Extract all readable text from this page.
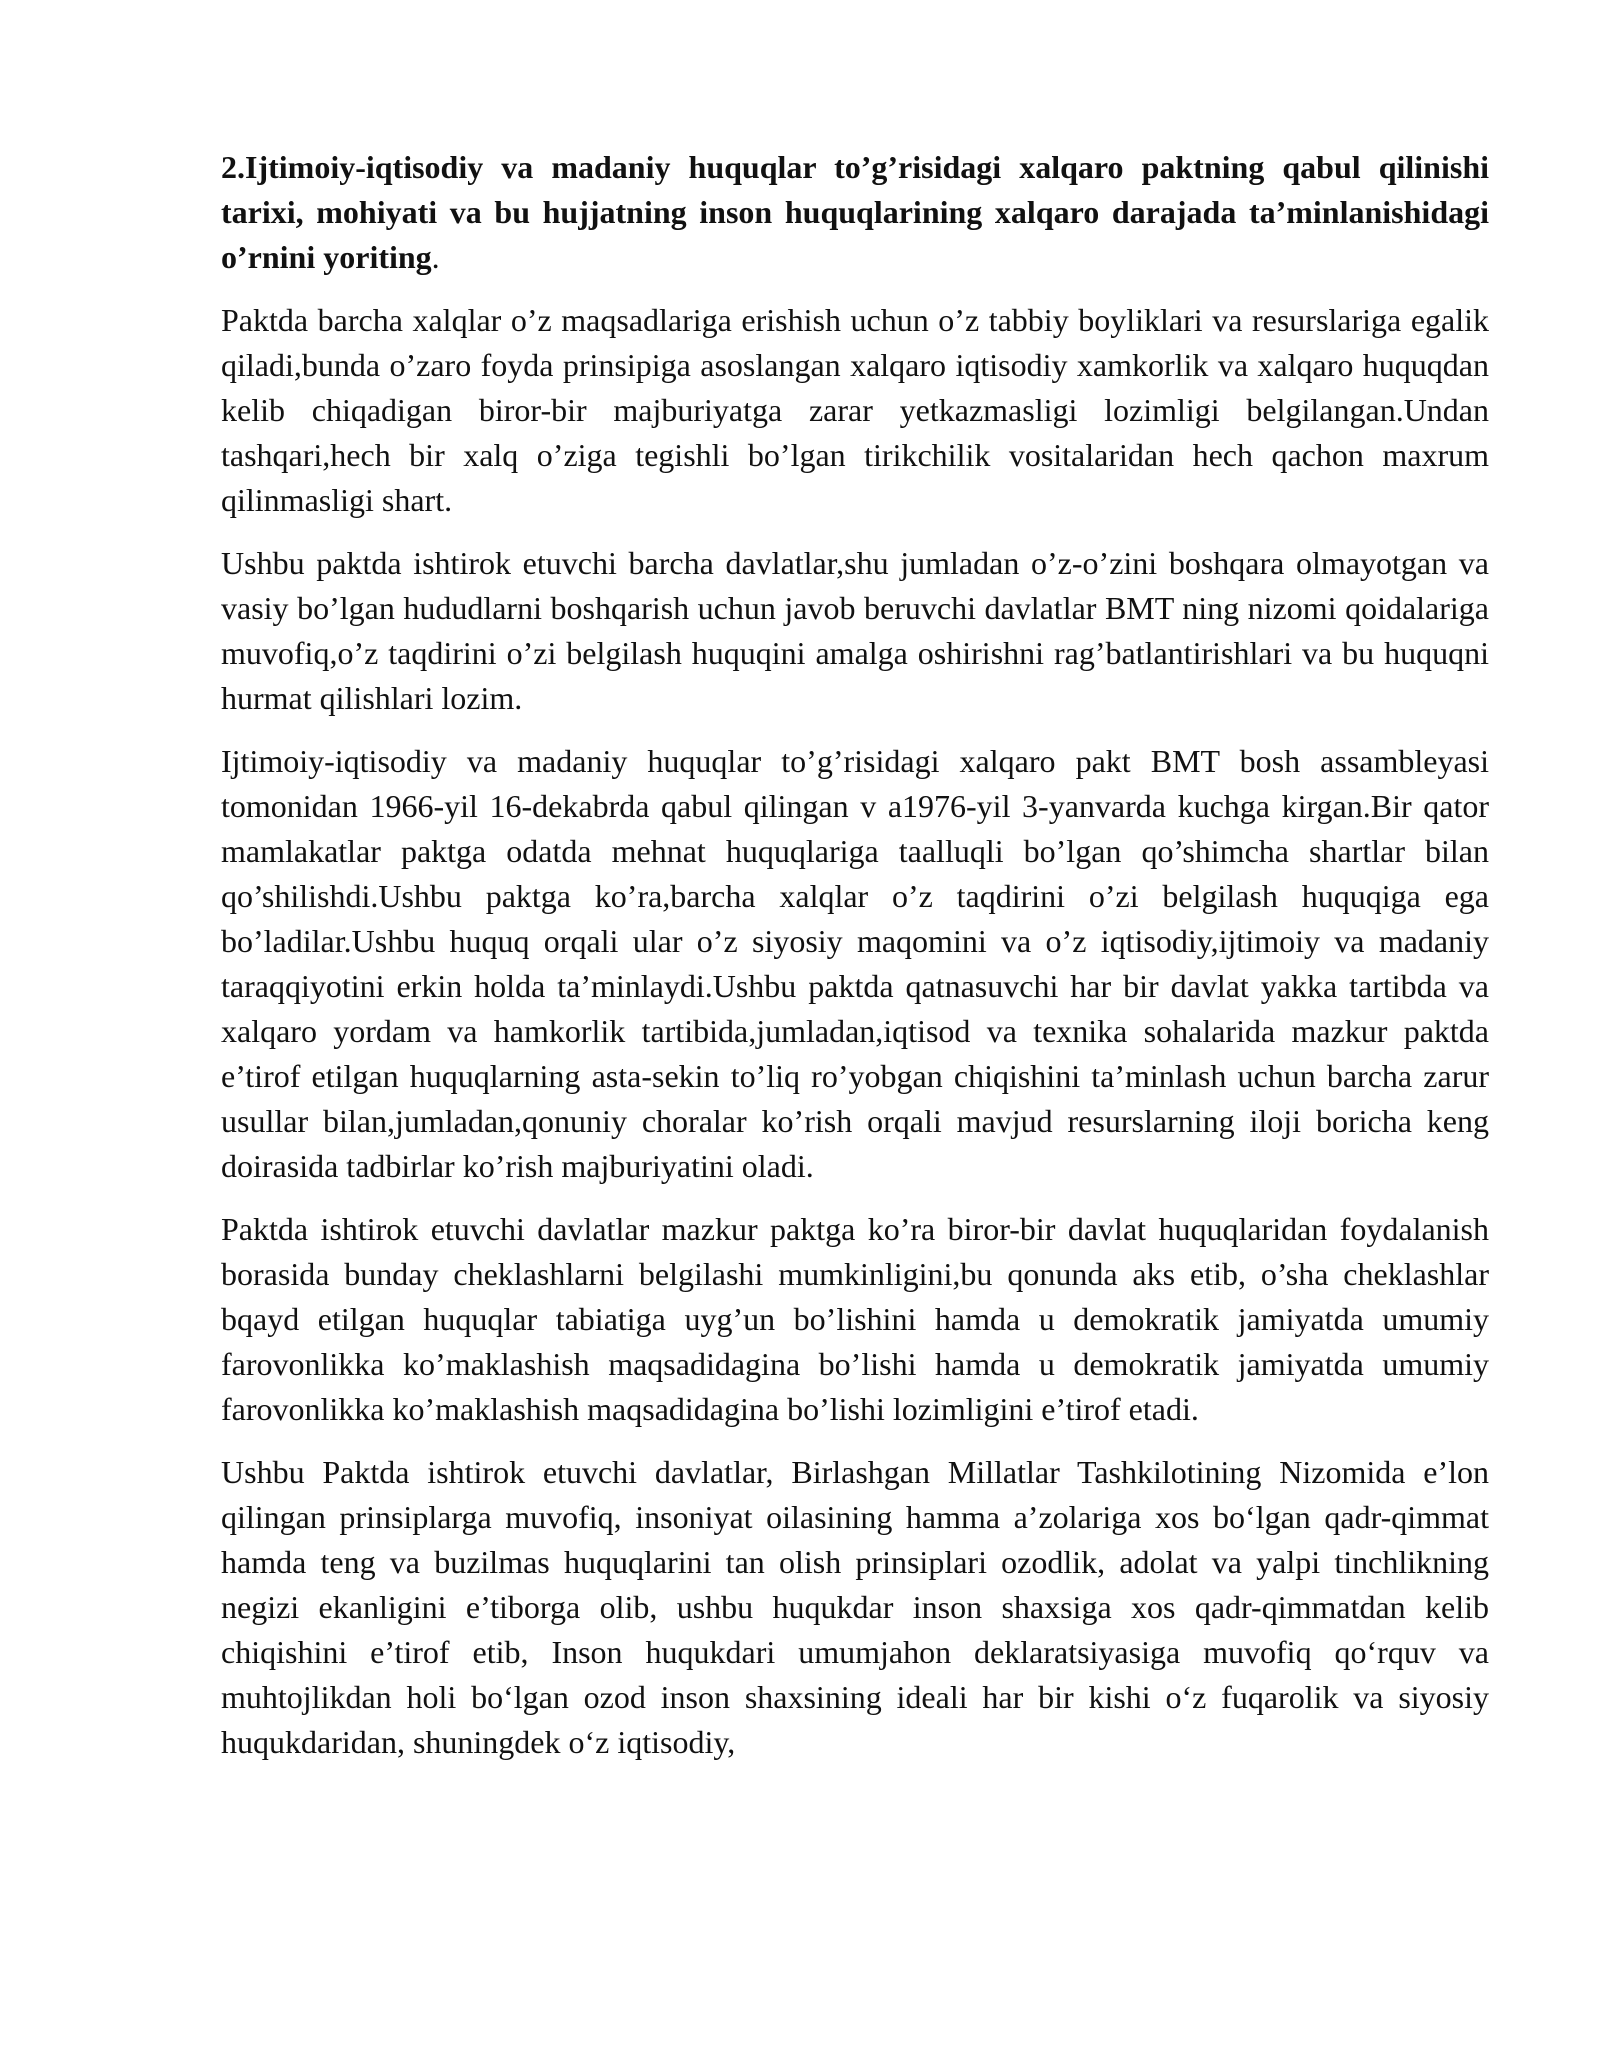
2.Ijtimoiy-iqtisodiy va madaniy huquqlar to’g’risidagi xalqaro paktning qabul qilinishi tarixi, mohiyati va bu hujjatning inson huquqlarining xalqaro darajada ta’minlanishidagi o’rnini yoriting.

Paktda barcha xalqlar o’z maqsadlariga erishish uchun o’z tabbiy boyliklari va resurslariga egalik qiladi,bunda o’zaro foyda prinsipiga asoslangan xalqaro iqtisodiy xamkorlik va xalqaro huquqdan kelib chiqadigan biror-bir majburiyatga zarar yetkazmasligi lozimligi belgilangan.Undan tashqari,hech bir xalq o’ziga tegishli bo’lgan tirikchilik vositalaridan hech qachon maxrum qilinmasligi shart.

Ushbu paktda ishtirok etuvchi barcha davlatlar,shu jumladan o’z-o’zini boshqara olmayotgan va vasiy bo’lgan hududlarni boshqarish uchun javob beruvchi davlatlar BMT ning nizomi qoidalariga muvofiq,o’z taqdirini o’zi belgilash huquqini amalga oshirishni rag’batlantirishlari va bu huquqni hurmat qilishlari lozim.

Ijtimoiy-iqtisodiy va madaniy huquqlar to’g’risidagi xalqaro pakt BMT bosh assambleyasi tomonidan 1966-yil 16-dekabrda qabul qilingan v a1976-yil 3-yanvarda kuchga kirgan.Bir qator mamlakatlar paktga odatda mehnat huquqlariga taalluqli bo’lgan qo’shimcha shartlar bilan qo’shilishdi.Ushbu paktga ko’ra,barcha xalqlar o’z taqdirini o’zi belgilash huquqiga ega bo’ladilar.Ushbu huquq orqali ular o’z siyosiy maqomini va o’z iqtisodiy,ijtimoiy va madaniy taraqqiyotini erkin holda ta’minlaydi.Ushbu paktda qatnasuvchi har bir davlat yakka tartibda va xalqaro yordam va hamkorlik tartibida,jumladan,iqtisod va texnika sohalarida mazkur paktda e’tirof etilgan huquqlarning asta-sekin to’liq ro’yobgan chiqishini ta’minlash uchun barcha zarur usullar bilan,jumladan,qonuniy choralar ko’rish orqali mavjud resurslarning iloji boricha keng doirasida tadbirlar ko’rish majburiyatini oladi.

Paktda ishtirok etuvchi davlatlar mazkur paktga ko’ra biror-bir davlat huquqlaridan foydalanish borasida bunday cheklashlarni belgilashi mumkinligini,bu qonunda aks etib, o’sha cheklashlar bqayd etilgan huquqlar tabiatiga uyg’un bo’lishini hamda u demokratik jamiyatda umumiy farovonlikka ko’maklashish maqsadidagina bo’lishi hamda u demokratik jamiyatda umumiy farovonlikka ko’maklashish maqsadidagina bo’lishi lozimligini e’tirof etadi.

Ushbu Paktda ishtirok etuvchi davlatlar, Birlashgan Millatlar Tashkilotining Nizomida e’lon qilingan prinsiplarga muvofiq, insoniyat oilasining hamma a’zolariga xos bo‘lgan qadr-qimmat hamda teng va buzilmas huquqlarini tan olish prinsiplari ozodlik, adolat va yalpi tinchlikning negizi ekanligini e’tiborga olib, ushbu huqukdar inson shaxsiga xos qadr-qimmatdan kelib chiqishini e’tirof etib, Inson huqukdari umumjahon deklaratsiyasiga muvofiq qo‘rquv va muhtojlikdan holi bo‘lgan ozod inson shaxsining ideali har bir kishi o‘z fuqarolik va siyosiy huqukdaridan, shuningdek o‘z iqtisodiy,
